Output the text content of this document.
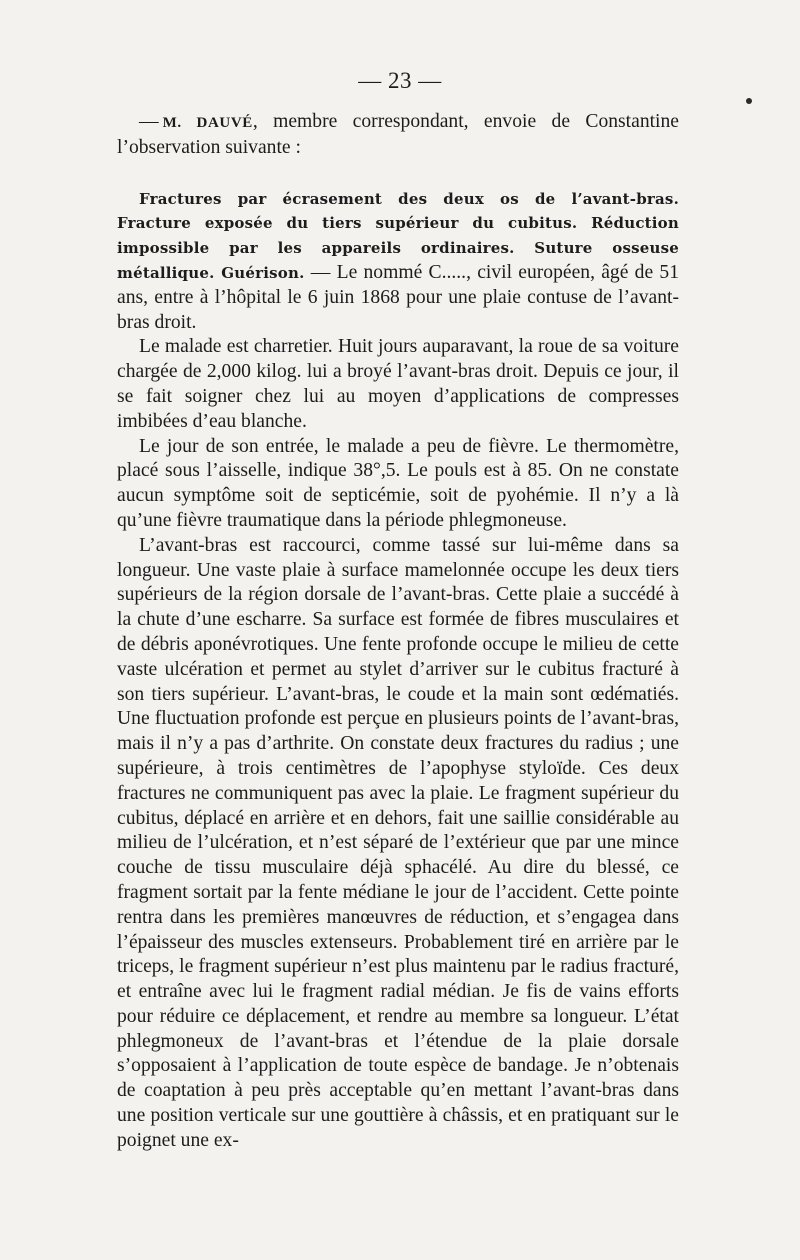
— 23 —

— M. DAUVÉ, membre correspondant, envoie de Constantine l’observation suivante :

Fractures par écrasement des deux os de l’avant-bras. Fracture exposée du tiers supérieur du cubitus. Réduction impossible par les appareils ordinaires. Suture osseuse métallique. Guérison. — Le nommé C....., civil européen, âgé de 51 ans, entre à l’hôpital le 6 juin 1868 pour une plaie contuse de l’avant-bras droit.

Le malade est charretier. Huit jours auparavant, la roue de sa voiture chargée de 2,000 kilog. lui a broyé l’avant-bras droit. Depuis ce jour, il se fait soigner chez lui au moyen d’applications de compresses imbibées d’eau blanche.

Le jour de son entrée, le malade a peu de fièvre. Le thermomètre, placé sous l’aisselle, indique 38°,5. Le pouls est à 85. On ne constate aucun symptôme soit de septicémie, soit de pyohémie. Il n’y a là qu’une fièvre traumatique dans la période phlegmoneuse.

L’avant-bras est raccourci, comme tassé sur lui-même dans sa longueur. Une vaste plaie à surface mamelonnée occupe les deux tiers supérieurs de la région dorsale de l’avant-bras. Cette plaie a succédé à la chute d’une escharre. Sa surface est formée de fibres musculaires et de débris aponévrotiques. Une fente profonde occupe le milieu de cette vaste ulcération et permet au stylet d’arriver sur le cubitus fracturé à son tiers supérieur. L’avant-bras, le coude et la main sont œdématiés. Une fluctuation profonde est perçue en plusieurs points de l’avant-bras, mais il n’y a pas d’arthrite. On constate deux fractures du radius ; une supérieure, à trois centimètres de l’apophyse styloïde. Ces deux fractures ne communiquent pas avec la plaie. Le fragment supérieur du cubitus, déplacé en arrière et en dehors, fait une saillie considérable au milieu de l’ulcération, et n’est séparé de l’extérieur que par une mince couche de tissu musculaire déjà sphacélé. Au dire du blessé, ce fragment sortait par la fente médiane le jour de l’accident. Cette pointe rentra dans les premières manœuvres de réduction, et s’engagea dans l’épaisseur des muscles extenseurs. Probablement tiré en arrière par le triceps, le fragment supérieur n’est plus maintenu par le radius fracturé, et entraîne avec lui le fragment radial médian. Je fis de vains efforts pour réduire ce déplacement, et rendre au membre sa longueur. L’état phlegmoneux de l’avant-bras et l’étendue de la plaie dorsale s’opposaient à l’application de toute espèce de bandage. Je n’obtenais de coaptation à peu près acceptable qu’en mettant l’avant-bras dans une position verticale sur une gouttière à châssis, et en pratiquant sur le poignet une ex-
